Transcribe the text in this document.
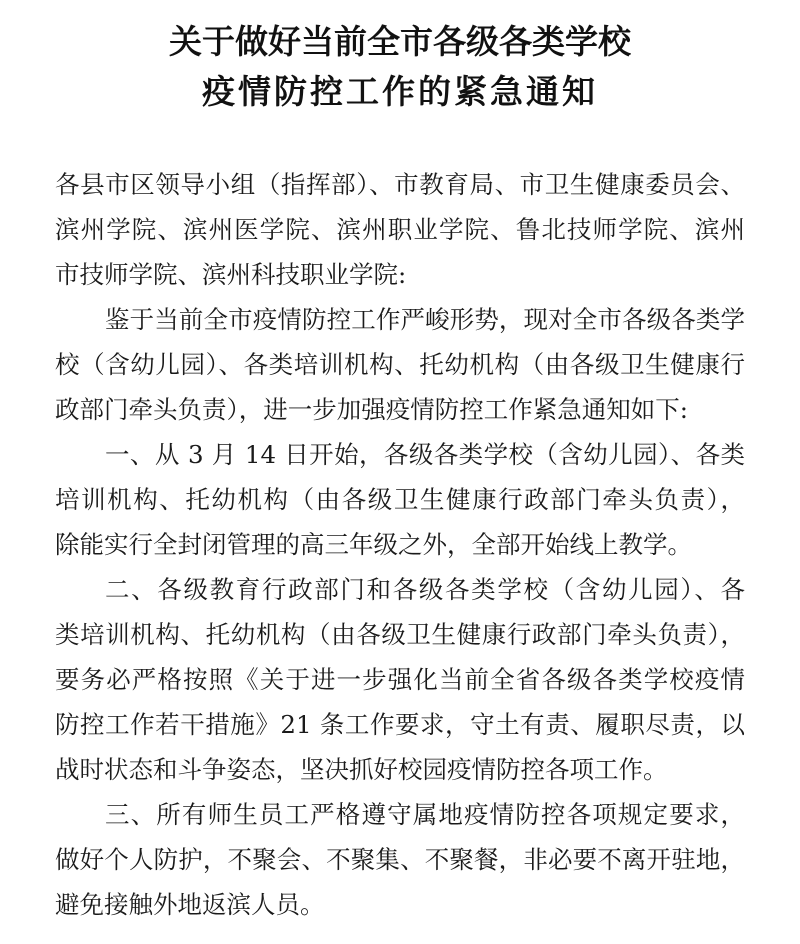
关于做好当前全市各级各类学校
疫情防控工作的紧急通知
各县市区领导小组（指挥部）、市教育局、市卫生健康委员会、
滨州学院、滨州医学院、滨州职业学院、鲁北技师学院、滨州
市技师学院、滨州科技职业学院:
鉴于当前全市疫情防控工作严峻形势，现对全市各级各类学
校（含幼儿园）、各类培训机构、托幼机构（由各级卫生健康行
政部门牵头负责），进一步加强疫情防控工作紧急通知如下:
一、从 3 月 14 日开始，各级各类学校（含幼儿园）、各类
培训机构、托幼机构（由各级卫生健康行政部门牵头负责），
除能实行全封闭管理的高三年级之外，全部开始线上教学。
二、各级教育行政部门和各级各类学校（含幼儿园）、各
类培训机构、托幼机构（由各级卫生健康行政部门牵头负责），
要务必严格按照《关于进一步强化当前全省各级各类学校疫情
防控工作若干措施》21 条工作要求，守土有责、履职尽责，以
战时状态和斗争姿态，坚决抓好校园疫情防控各项工作。
三、所有师生员工严格遵守属地疫情防控各项规定要求，
做好个人防护，不聚会、不聚集、不聚餐，非必要不离开驻地，
避免接触外地返滨人员。
